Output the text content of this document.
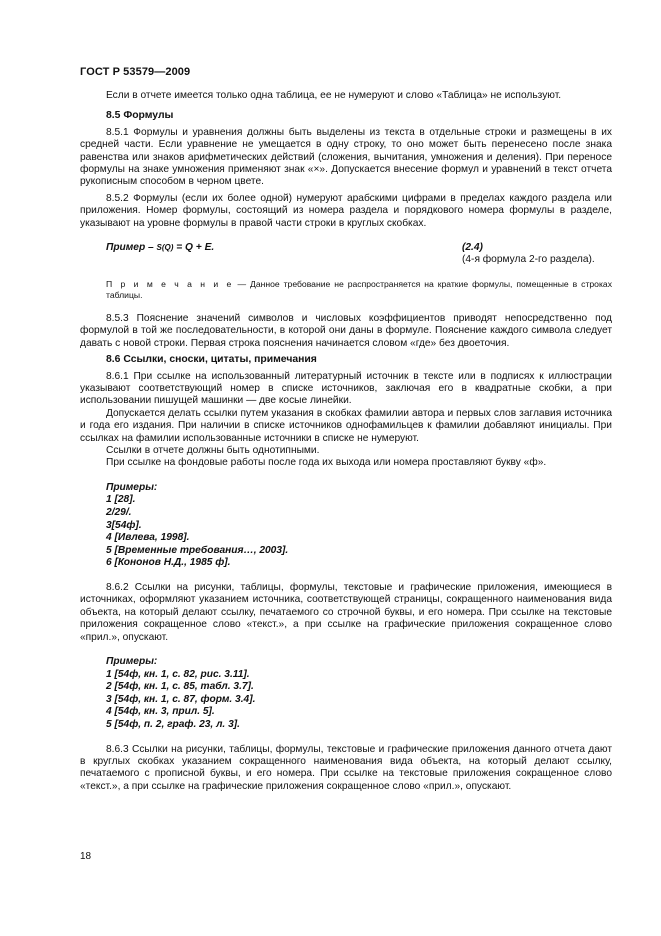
ГОСТ Р 53579—2009

Если в отчете имеется только одна таблица, ее не нумеруют и слово «Таблица» не используют.

8.5 Формулы

8.5.1 Формулы и уравнения должны быть выделены из текста в отдельные строки и размещены в их средней части. Если уравнение не умещается в одну строку, то оно может быть перенесено после знака равенства или знаков арифметических действий (сложения, вычитания, умножения и деления). При переносе формулы на знаке умножения применяют знак «×». Допускается внесение формул и уравнений в текст отчета рукописным способом в черном цвете.

8.5.2 Формулы (если их более одной) нумеруют арабскими цифрами в пределах каждого раздела или приложения. Номер формулы, состоящий из номера раздела и порядкового номера формулы в разделе, указывают на уровне формулы в правой части строки в круглых скобках.

Пример – S(Q) = Q + E.	(2.4)
(4-я формула 2-го раздела).

П р и м е ч а н и е — Данное требование не распространяется на краткие формулы, помещенные в строках таблицы.

8.5.3 Пояснение значений символов и числовых коэффициентов приводят непосредственно под формулой в той же последовательности, в которой они даны в формуле. Пояснение каждого символа следует давать с новой строки. Первая строка пояснения начинается словом «где» без двоеточия.

8.6 Ссылки, сноски, цитаты, примечания

8.6.1 При ссылке на использованный литературный источник в тексте или в подписях к иллюстрации указывают соответствующий номер в списке источников, заключая его в квадратные скобки, а при использовании пишущей машинки — две косые линейки.

Допускается делать ссылки путем указания в скобках фамилии автора и первых слов заглавия источника и года его издания. При наличии в списке источников однофамильцев к фамилии добавляют инициалы. При ссылках на фамилии использованные источники в списке не нумеруют.

Ссылки в отчете должны быть однотипными.

При ссылке на фондовые работы после года их выхода или номера проставляют букву «ф».

Примеры:
1 [28].
2/29/.
3[54ф].
4 [Ивлева, 1998].
5 [Временные требования…, 2003].
6 [Кононов Н.Д., 1985 ф].

8.6.2 Ссылки на рисунки, таблицы, формулы, текстовые и графические приложения, имеющиеся в источниках, оформляют указанием источника, соответствующей страницы, сокращенного наименования вида объекта, на который делают ссылку, печатаемого со строчной буквы, и его номера. При ссылке на текстовые приложения сокращенное слово «текст.», а при ссылке на графические приложения сокращенное слово «прил.», опускают.

Примеры:
1 [54ф, кн. 1, с. 82, рис. 3.11].
2 [54ф, кн. 1, с. 85, табл. 3.7].
3 [54ф, кн. 1, с. 87, форм. 3.4].
4 [54ф, кн. 3, прил. 5].
5 [54ф, п. 2, граф. 23, л. 3].

8.6.3 Ссылки на рисунки, таблицы, формулы, текстовые и графические приложения данного отчета дают в круглых скобках указанием сокращенного наименования вида объекта, на который делают ссылку, печатаемого с прописной буквы, и его номера. При ссылке на текстовые приложения сокращенное слово «текст.», а при ссылке на графические приложения сокращенное слово «прил.», опускают.

18
